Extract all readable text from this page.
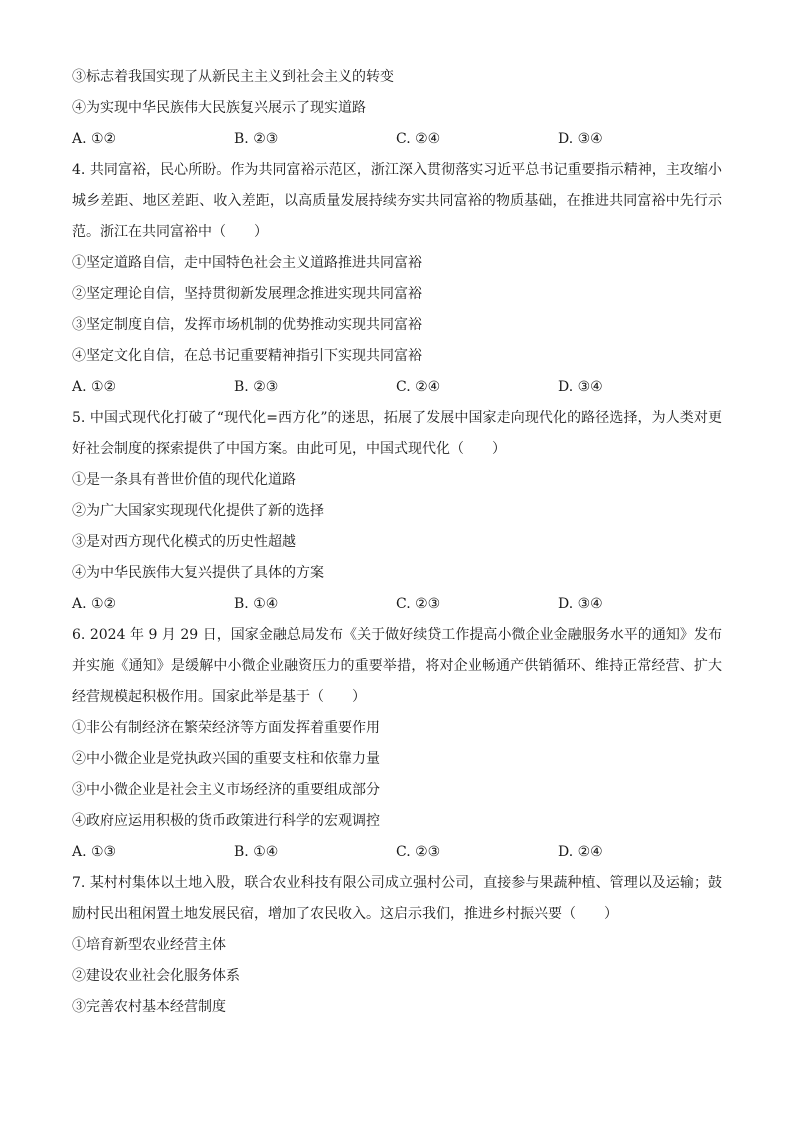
③标志着我国实现了从新民主主义到社会主义的转变
④为实现中华民族伟大民族复兴展示了现实道路
A. ①②	B. ②③	C. ②④	D. ③④
4. 共同富裕，民心所盼。作为共同富裕示范区，浙江深入贯彻落实习近平总书记重要指示精神，主攻缩小城乡差距、地区差距、收入差距，以高质量发展持续夯实共同富裕的物质基础，在推进共同富裕中先行示范。浙江在共同富裕中（　　）
①坚定道路自信，走中国特色社会主义道路推进共同富裕
②坚定理论自信，坚持贯彻新发展理念推进实现共同富裕
③坚定制度自信，发挥市场机制的优势推动实现共同富裕
④坚定文化自信，在总书记重要精神指引下实现共同富裕
A. ①②	B. ②③	C. ②④	D. ③④
5. 中国式现代化打破了“现代化=西方化”的迷思，拓展了发展中国家走向现代化的路径选择，为人类对更好社会制度的探索提供了中国方案。由此可见，中国式现代化（　　）
①是一条具有普世价值的现代化道路
②为广大国家实现现代化提供了新的选择
③是对西方现代化模式的历史性超越
④为中华民族伟大复兴提供了具体的方案
A. ①②	B. ①④	C. ②③	D. ③④
6. 2024 年 9 月 29 日，国家金融总局发布《关于做好续贷工作提高小微企业金融服务水平的通知》发布并实施《通知》是缓解中小微企业融资压力的重要举措，将对企业畅通产供销循环、维持正常经营、扩大经营规模起积极作用。国家此举是基于（　　）
①非公有制经济在繁荣经济等方面发挥着重要作用
②中小微企业是党执政兴国的重要支柱和依靠力量
③中小微企业是社会主义市场经济的重要组成部分
④政府应运用积极的货币政策进行科学的宏观调控
A. ①③	B. ①④	C. ②③	D. ②④
7. 某村村集体以土地入股，联合农业科技有限公司成立强村公司，直接参与果蔬种植、管理以及运输；鼓励村民出租闲置土地发展民宿，增加了农民收入。这启示我们，推进乡村振兴要（　　）
①培育新型农业经营主体
②建设农业社会化服务体系
③完善农村基本经营制度
